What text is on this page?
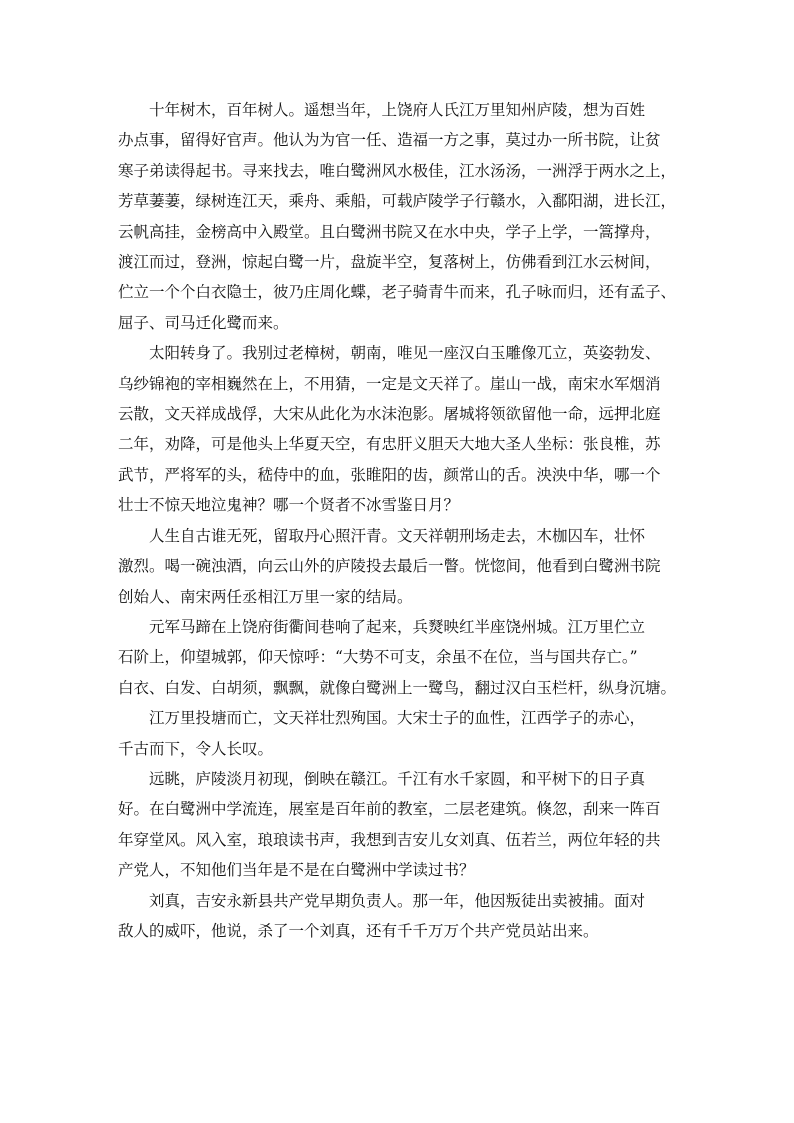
十年树木，百年树人。遥想当年，上饶府人氏江万里知州庐陵，想为百姓
办点事，留得好官声。他认为为官一任、造福一方之事，莫过办一所书院，让贫
寒子弟读得起书。寻来找去，唯白鹭洲风水极佳，江水汤汤，一洲浮于两水之上，
芳草萋萋，绿树连江天，乘舟、乘船，可载庐陵学子行赣水，入鄱阳湖，进长江，
云帆高挂，金榜高中入殿堂。且白鹭洲书院又在水中央，学子上学，一篙撑舟，
渡江而过，登洲，惊起白鹭一片，盘旋半空，复落树上，仿佛看到江水云树间，
伫立一个个白衣隐士，彼乃庄周化蝶，老子骑青牛而来，孔子咏而归，还有孟子、
屈子、司马迁化鹭而来。
太阳转身了。我别过老樟树，朝南，唯见一座汉白玉雕像兀立，英姿勃发、
乌纱锦袍的宰相巍然在上，不用猜，一定是文天祥了。崖山一战，南宋水军烟消
云散，文天祥成战俘，大宋从此化为水沫泡影。屠城将领欲留他一命，远押北庭
二年，劝降，可是他头上华夏天空，有忠肝义胆天大地大圣人坐标：张良椎，苏
武节，严将军的头，嵇侍中的血，张睢阳的齿，颜常山的舌。泱泱中华，哪一个
壮士不惊天地泣鬼神？哪一个贤者不冰雪鉴日月？
人生自古谁无死，留取丹心照汗青。文天祥朝刑场走去，木枷囚车，壮怀
激烈。喝一碗浊酒，向云山外的庐陵投去最后一瞥。恍惚间，他看到白鹭洲书院
创始人、南宋两任丞相江万里一家的结局。
元军马蹄在上饶府街衢间巷响了起来，兵燹映红半座饶州城。江万里伫立
石阶上，仰望城郭，仰天惊呼：“大势不可支，余虽不在位，当与国共存亡。”
白衣、白发、白胡须，飘飘，就像白鹭洲上一鹭鸟，翻过汉白玉栏杆，纵身沉塘。
江万里投塘而亡，文天祥壮烈殉国。大宋士子的血性，江西学子的赤心，
千古而下，令人长叹。
远眺，庐陵淡月初现，倒映在赣江。千江有水千家圆，和平树下的日子真
好。在白鹭洲中学流连，展室是百年前的教室，二层老建筑。倏忽，刮来一阵百
年穿堂风。风入室，琅琅读书声，我想到吉安儿女刘真、伍若兰，两位年轻的共
产党人，不知他们当年是不是在白鹭洲中学读过书？
刘真，吉安永新县共产党早期负责人。那一年，他因叛徒出卖被捕。面对
敌人的威吓，他说，杀了一个刘真，还有千千万万个共产党员站出来。
